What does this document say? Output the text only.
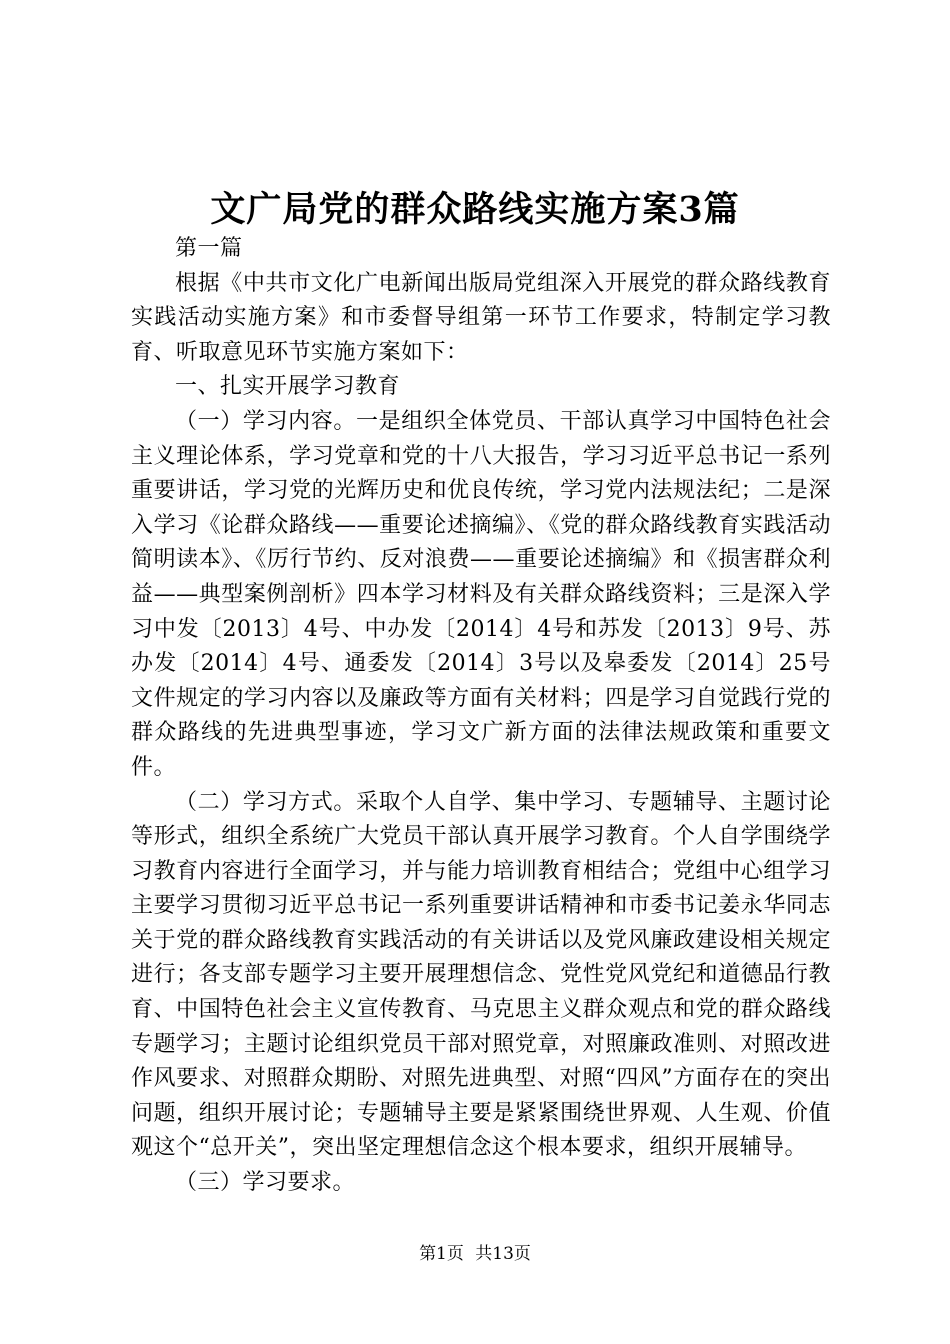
文广局党的群众路线实施方案3篇

第一篇

根据《中共市文化广电新闻出版局党组深入开展党的群众路线教育实践活动实施方案》和市委督导组第一环节工作要求，特制定学习教育、听取意见环节实施方案如下：

一、扎实开展学习教育

（一）学习内容。一是组织全体党员、干部认真学习中国特色社会主义理论体系，学习党章和党的十八大报告，学习习近平总书记一系列重要讲话，学习党的光辉历史和优良传统，学习党内法规法纪；二是深入学习《论群众路线——重要论述摘编》、《党的群众路线教育实践活动简明读本》、《厉行节约、反对浪费——重要论述摘编》和《损害群众利益——典型案例剖析》四本学习材料及有关群众路线资料；三是深入学习中发〔2013〕4号、中办发〔2014〕4号和苏发〔2013〕9号、苏办发〔2014〕4号、通委发〔2014〕3号以及皋委发〔2014〕25号文件规定的学习内容以及廉政等方面有关材料；四是学习自觉践行党的群众路线的先进典型事迹，学习文广新方面的法律法规政策和重要文件。

（二）学习方式。采取个人自学、集中学习、专题辅导、主题讨论等形式，组织全系统广大党员干部认真开展学习教育。个人自学围绕学习教育内容进行全面学习，并与能力培训教育相结合；党组中心组学习主要学习贯彻习近平总书记一系列重要讲话精神和市委书记姜永华同志关于党的群众路线教育实践活动的有关讲话以及党风廉政建设相关规定进行；各支部专题学习主要开展理想信念、党性党风党纪和道德品行教育、中国特色社会主义宣传教育、马克思主义群众观点和党的群众路线专题学习；主题讨论组织党员干部对照党章，对照廉政准则、对照改进作风要求、对照群众期盼、对照先进典型、对照“四风”方面存在的突出问题，组织开展讨论；专题辅导主要是紧紧围绕世界观、人生观、价值观这个“总开关”，突出坚定理想信念这个根本要求，组织开展辅导。

（三）学习要求。

第1页 共13页
